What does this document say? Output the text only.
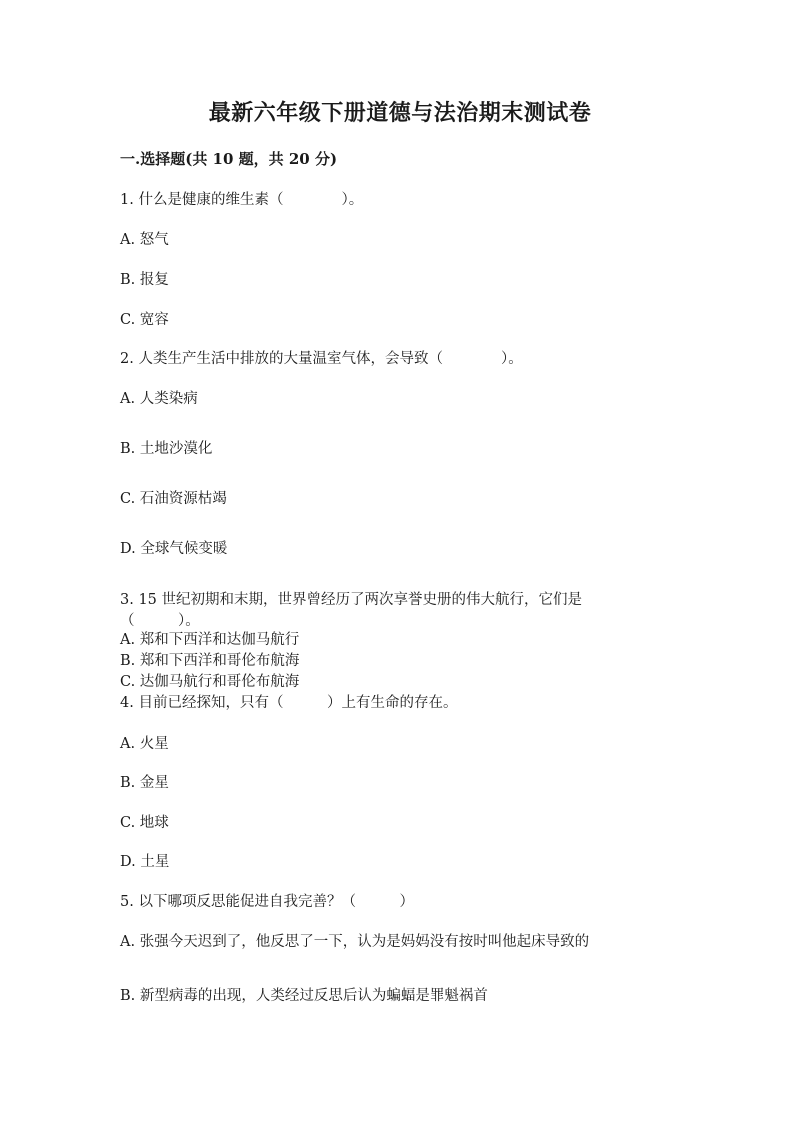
最新六年级下册道德与法治期末测试卷
一.选择题(共 10 题，共 20 分)
1. 什么是健康的维生素（　　　　）。
A. 怒气
B. 报复
C. 宽容
2. 人类生产生活中排放的大量温室气体，会导致（　　　　）。
A. 人类染病
B. 土地沙漠化
C. 石油资源枯竭
D. 全球气候变暖
3. 15 世纪初期和末期，世界曾经历了两次享誉史册的伟大航行，它们是
（　　　）。
A. 郑和下西洋和达伽马航行
B. 郑和下西洋和哥伦布航海
C. 达伽马航行和哥伦布航海
4. 目前已经探知，只有（　　　）上有生命的存在。
A. 火星
B. 金星
C. 地球
D. 土星
5. 以下哪项反思能促进自我完善？（　　　）
A. 张强今天迟到了，他反思了一下，认为是妈妈没有按时叫他起床导致的
B. 新型病毒的出现，人类经过反思后认为蝙蝠是罪魁祸首
